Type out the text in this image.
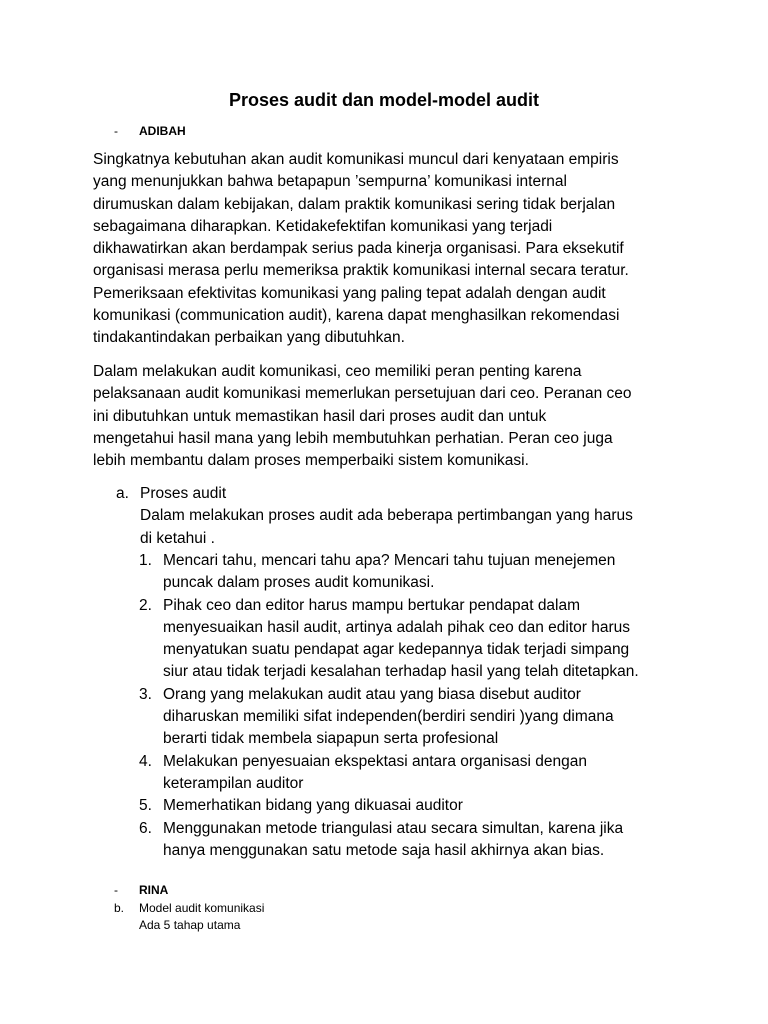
Proses audit dan model-model audit
- ADIBAH
Singkatnya kebutuhan akan audit komunikasi muncul dari kenyataan empiris
yang menunjukkan bahwa betapapun ’sempurna’ komunikasi internal
dirumuskan dalam kebijakan, dalam praktik komunikasi sering tidak berjalan
sebagaimana diharapkan. Ketidakefektifan komunikasi yang terjadi
dikhawatirkan akan berdampak serius pada kinerja organisasi. Para eksekutif
organisasi merasa perlu memeriksa praktik komunikasi internal secara teratur.
Pemeriksaan efektivitas komunikasi yang paling tepat adalah dengan audit
komunikasi (communication audit), karena dapat menghasilkan rekomendasi
tindakantindakan perbaikan yang dibutuhkan.
Dalam melakukan audit komunikasi, ceo memiliki peran penting karena
pelaksanaan audit komunikasi memerlukan persetujuan dari ceo. Peranan ceo
ini dibutuhkan untuk memastikan hasil dari proses audit dan untuk
mengetahui hasil mana yang lebih membutuhkan perhatian. Peran ceo juga
lebih membantu dalam proses memperbaiki sistem komunikasi.
a. Proses audit
Dalam melakukan proses audit ada beberapa pertimbangan yang harus
di ketahui .
1. Mencari tahu, mencari tahu apa? Mencari tahu tujuan menejemen
puncak dalam proses audit komunikasi.
2. Pihak ceo dan editor harus mampu bertukar pendapat dalam
menyesuaikan hasil audit, artinya adalah pihak ceo dan editor harus
menyatukan suatu pendapat agar kedepannya tidak terjadi simpang
siur atau tidak terjadi kesalahan terhadap hasil yang telah ditetapkan.
3. Orang yang melakukan audit atau yang biasa disebut auditor
diharuskan memiliki sifat independen(berdiri sendiri )yang dimana
berarti tidak membela siapapun serta profesional
4. Melakukan penyesuaian ekspektasi antara organisasi dengan
keterampilan auditor
5. Memerhatikan bidang yang dikuasai auditor
6. Menggunakan metode triangulasi atau secara simultan, karena jika
hanya menggunakan satu metode saja hasil akhirnya akan bias.
- RINA
b. Model audit komunikasi
Ada 5 tahap utama
